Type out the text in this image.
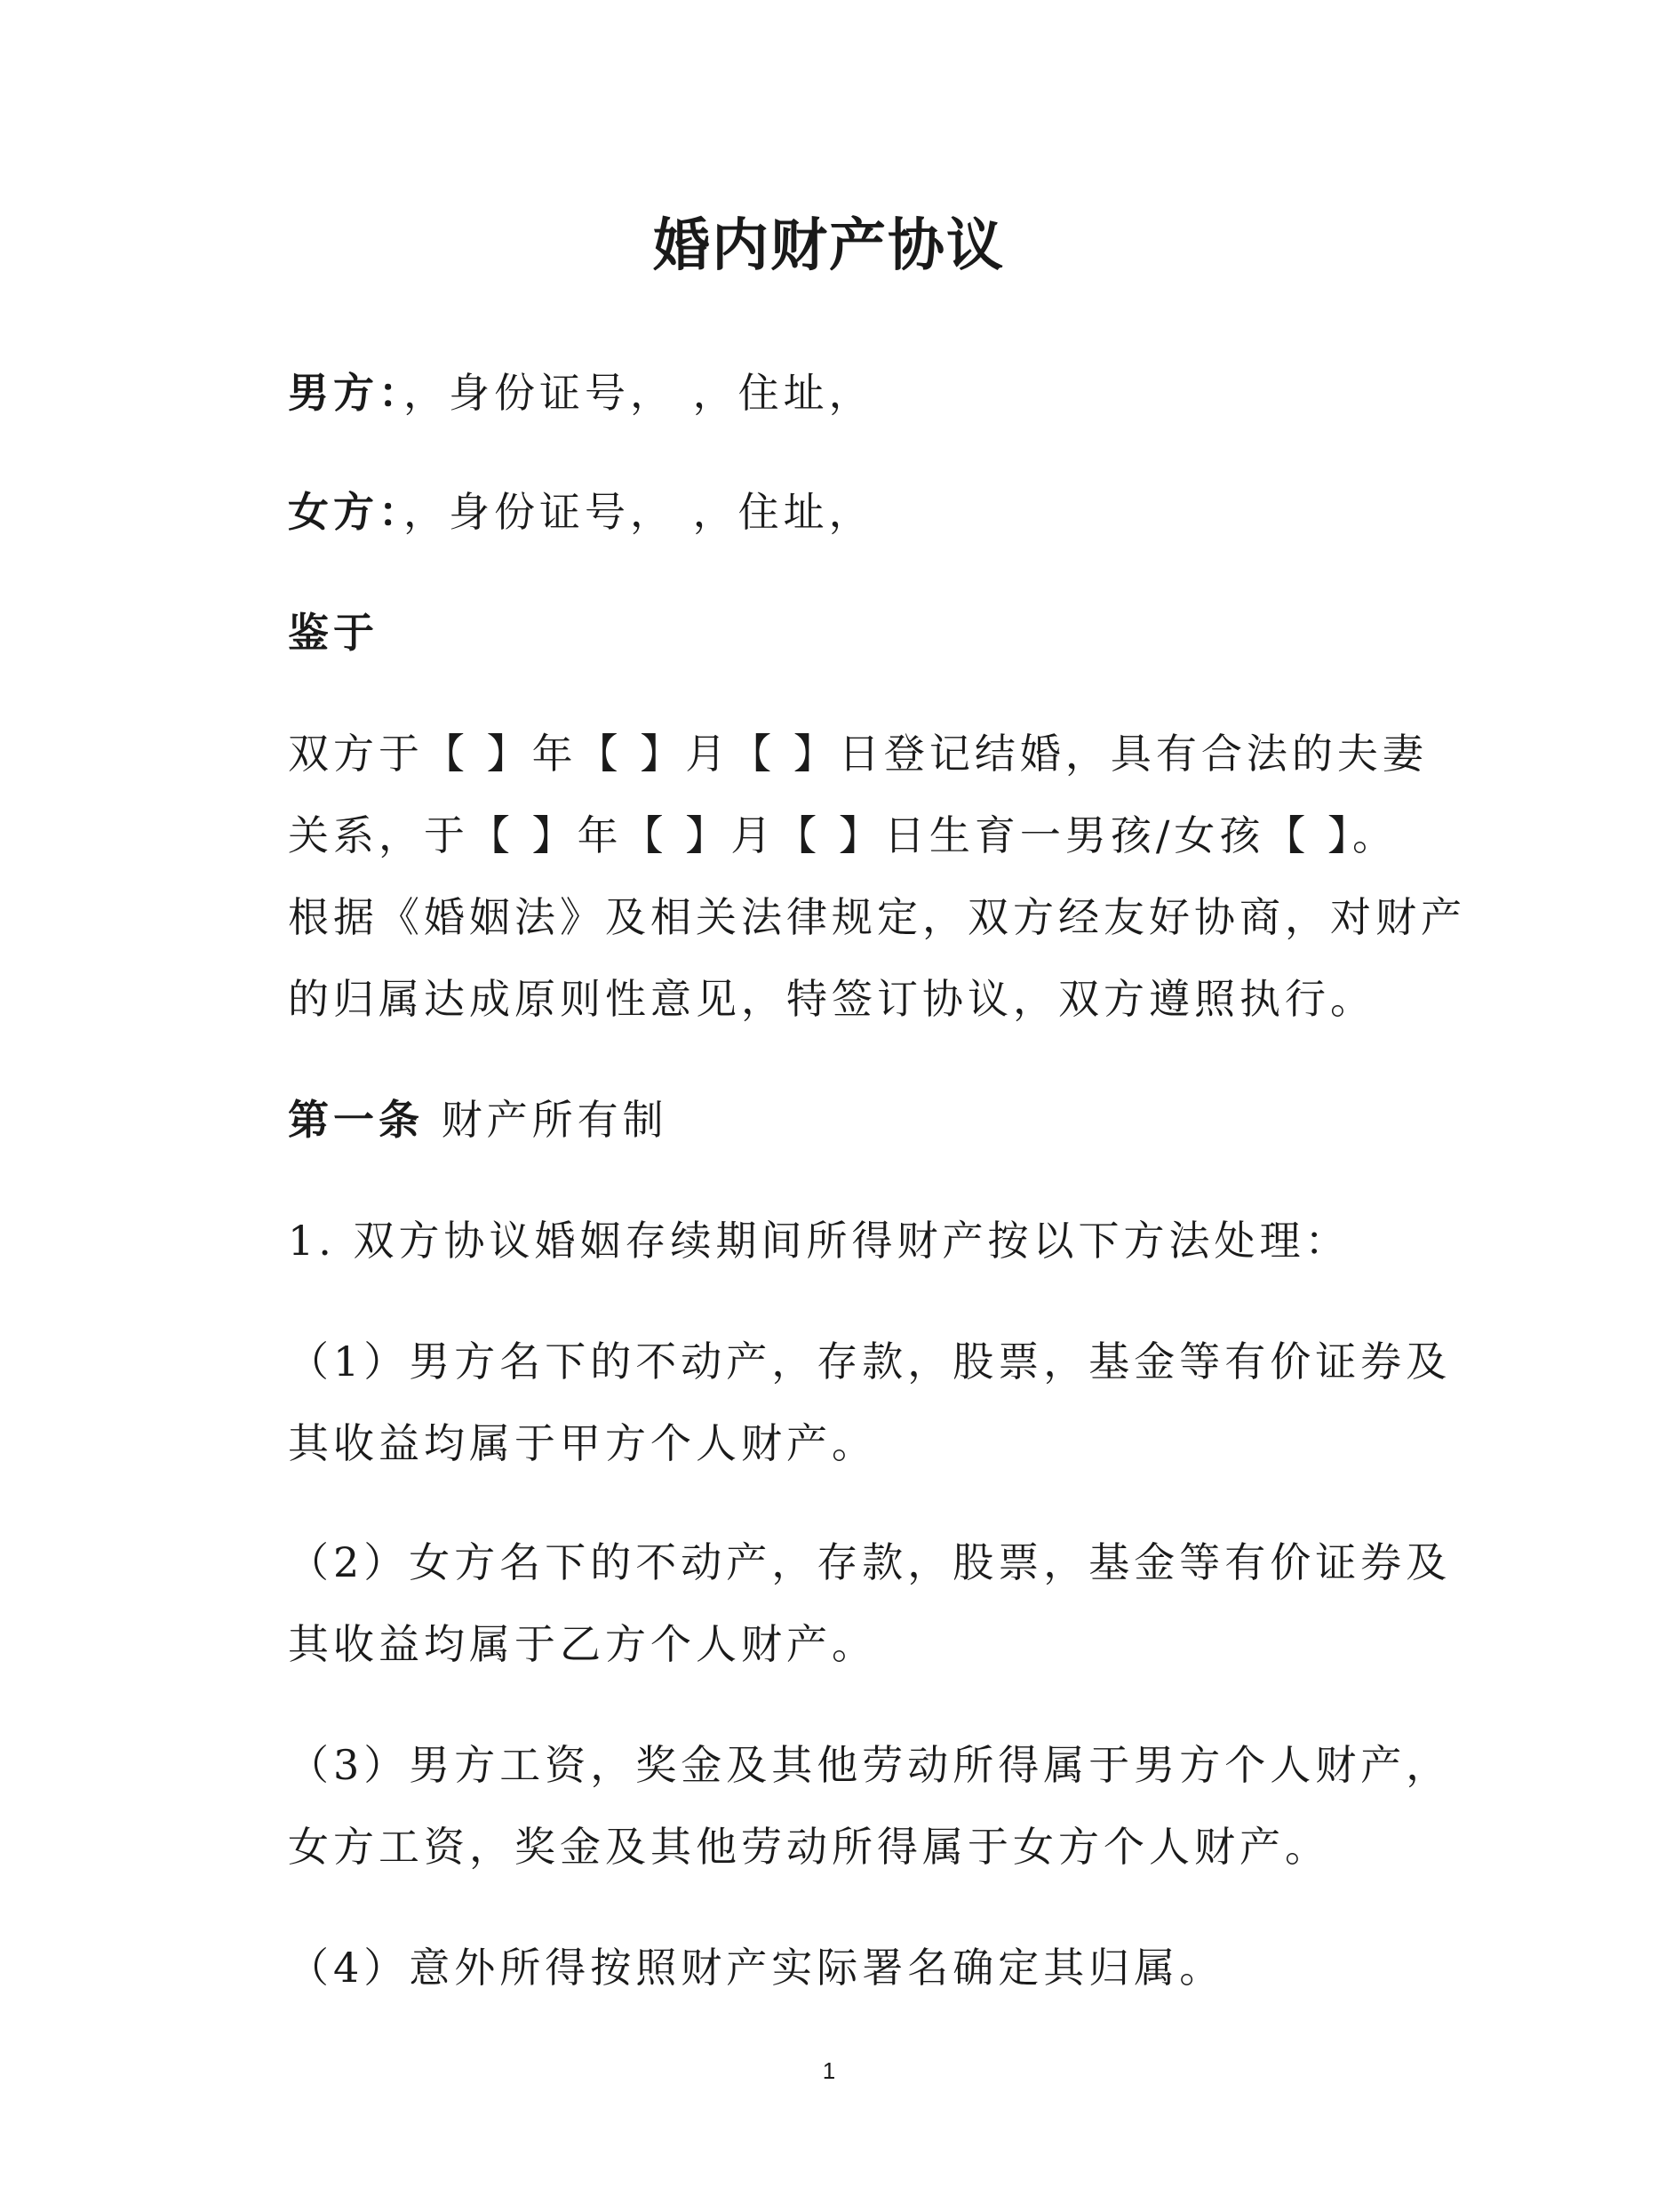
婚内财产协议
男方：，身份证号， ，住址，
女方：，身份证号， ，住址，
鉴于
双方于【 】年【 】月【 】日登记结婚，具有合法的夫妻
关系，于【 】年【 】月【 】日生育一男孩/女孩【 】。
根据《婚姻法》及相关法律规定，双方经友好协商，对财产
的归属达成原则性意见，特签订协议，双方遵照执行。
第一条 财产所有制
1. 双方协议婚姻存续期间所得财产按以下方法处理：
（1）男方名下的不动产，存款，股票，基金等有价证券及
其收益均属于甲方个人财产。
（2）女方名下的不动产，存款，股票，基金等有价证券及
其收益均属于乙方个人财产。
（3）男方工资，奖金及其他劳动所得属于男方个人财产，
女方工资，奖金及其他劳动所得属于女方个人财产。
（4）意外所得按照财产实际署名确定其归属。
1
